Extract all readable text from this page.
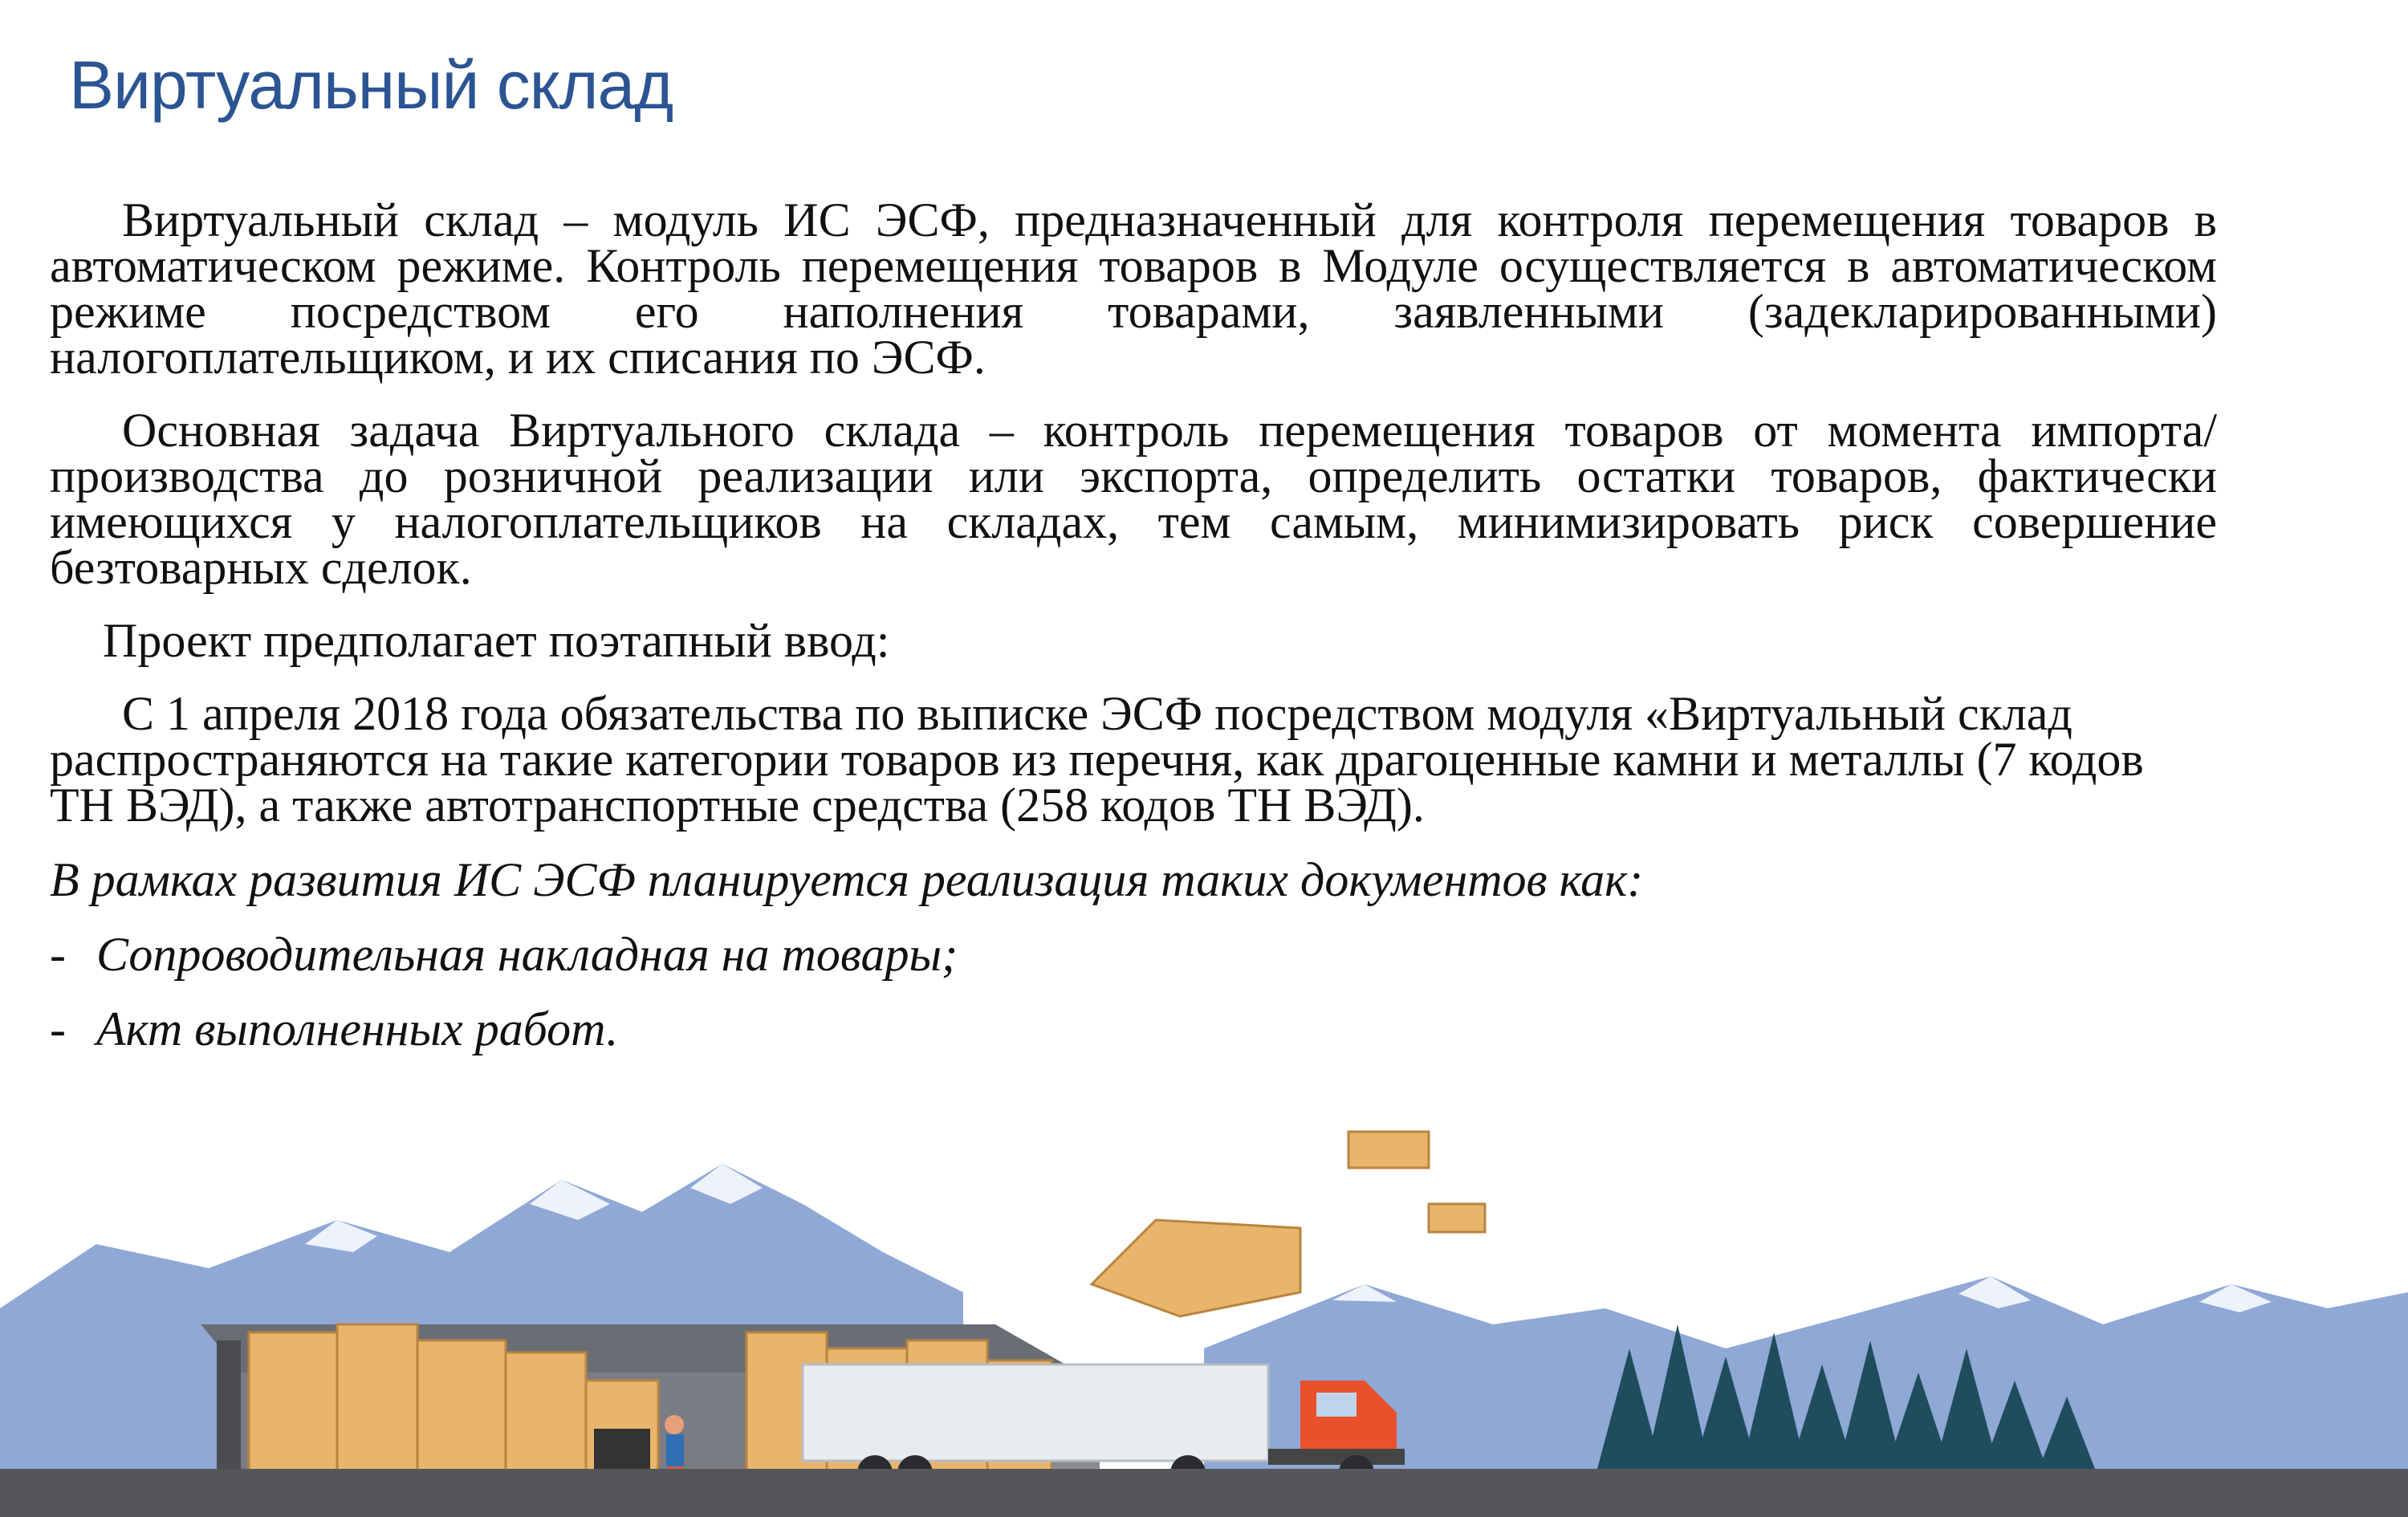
Виртуальный склад

Виртуальный склад – модуль ИС ЭСФ, предназначенный для контроля перемещения товаров в автоматическом режиме. Контроль перемещения товаров в Модуле осуществляется в автоматическом режиме посредством его наполнения товарами, заявленными (задекларированными) налогоплательщиком, и их списания по ЭСФ.

Основная задача Виртуального склада – контроль перемещения товаров от момента импорта/производства до розничной реализации или экспорта, определить остатки товаров, фактически имеющихся у налогоплательщиков на складах, тем самым, минимизировать риск совершение безтоварных сделок.

Проект предполагает поэтапный ввод:

С 1 апреля 2018 года обязательства по выписке ЭСФ посредством модуля «Виртуальный склад распространяются на такие категории товаров из перечня, как драгоценные камни и металлы (7 кодов ТН ВЭД), а также автотранспортные средства (258 кодов ТН ВЭД).

В рамках развития ИС ЭСФ планируется реализация таких документов как:

- Сопроводительная накладная на товары;
- Акт выполненных работ.
